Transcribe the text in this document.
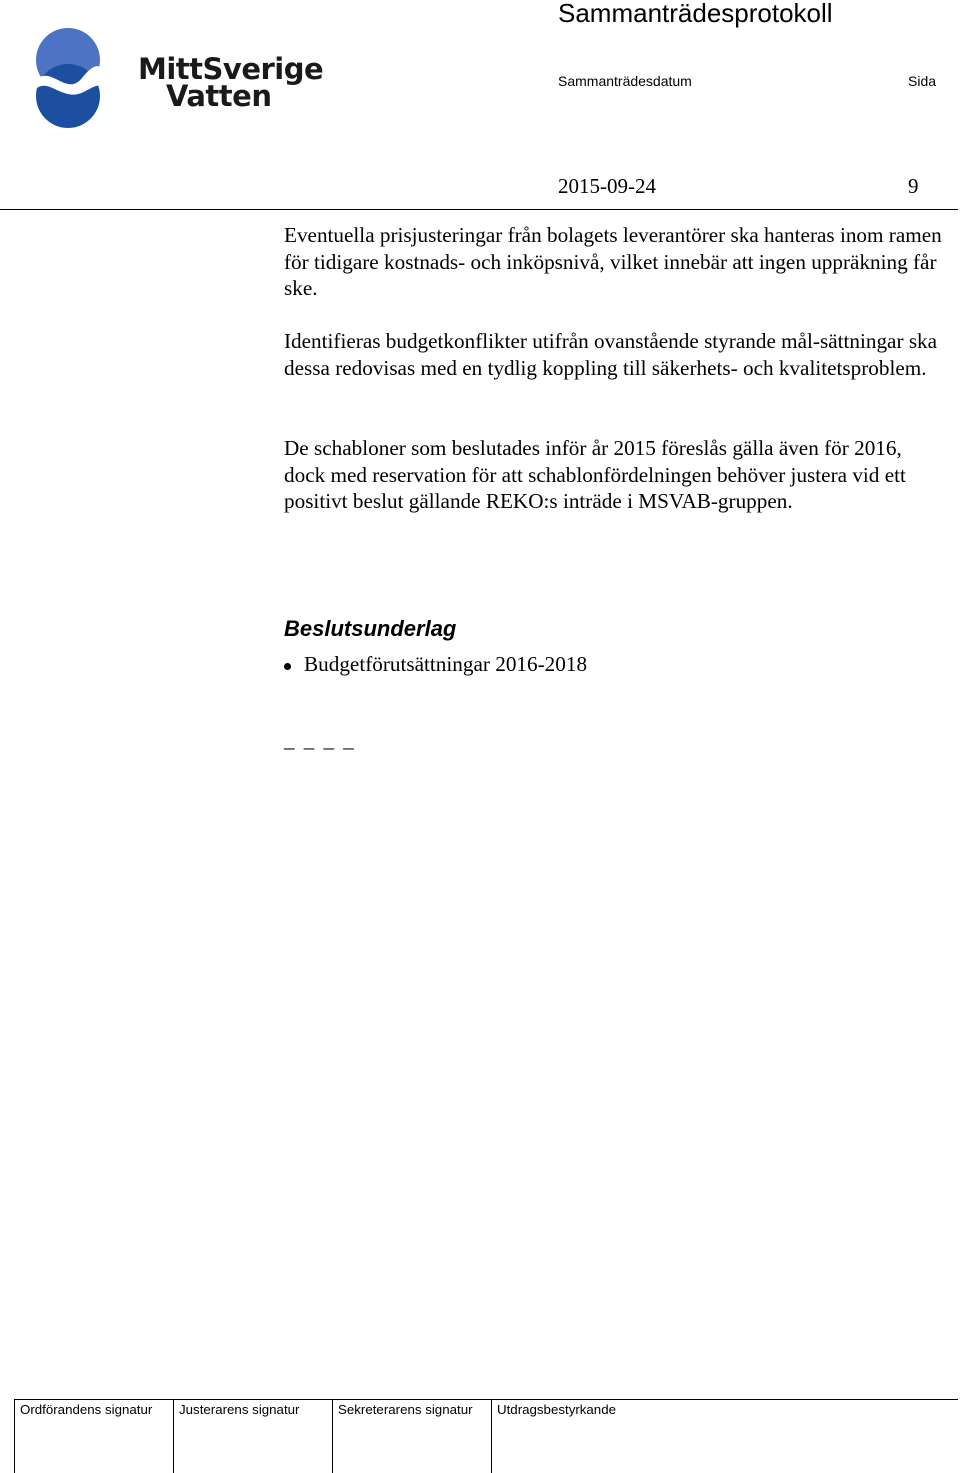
MittSverige
Vatten
Sammanträdesprotokoll
Sammanträdesdatum	Sida
2015-09-24	9

Eventuella prisjusteringar från bolagets leverantörer ska hanteras inom ramen för tidigare kostnads- och inköpsnivå, vilket innebär att ingen uppräkning får ske.

Identifieras budgetkonflikter utifrån ovanstående styrande mål-sättningar ska dessa redovisas med en tydlig koppling till säkerhets- och kvalitetsproblem.

De schabloner som beslutades inför år 2015 föreslås gälla även för 2016, dock med reservation för att schablonfördelningen behöver justera vid ett positivt beslut gällande REKO:s inträde i MSVAB-gruppen.

Beslutsunderlag
Budgetförutsättningar 2016-2018
_ _ _ _
Ordförandens signatur	Justerarens signatur	Sekreterarens signatur	Utdragsbestyrkande
